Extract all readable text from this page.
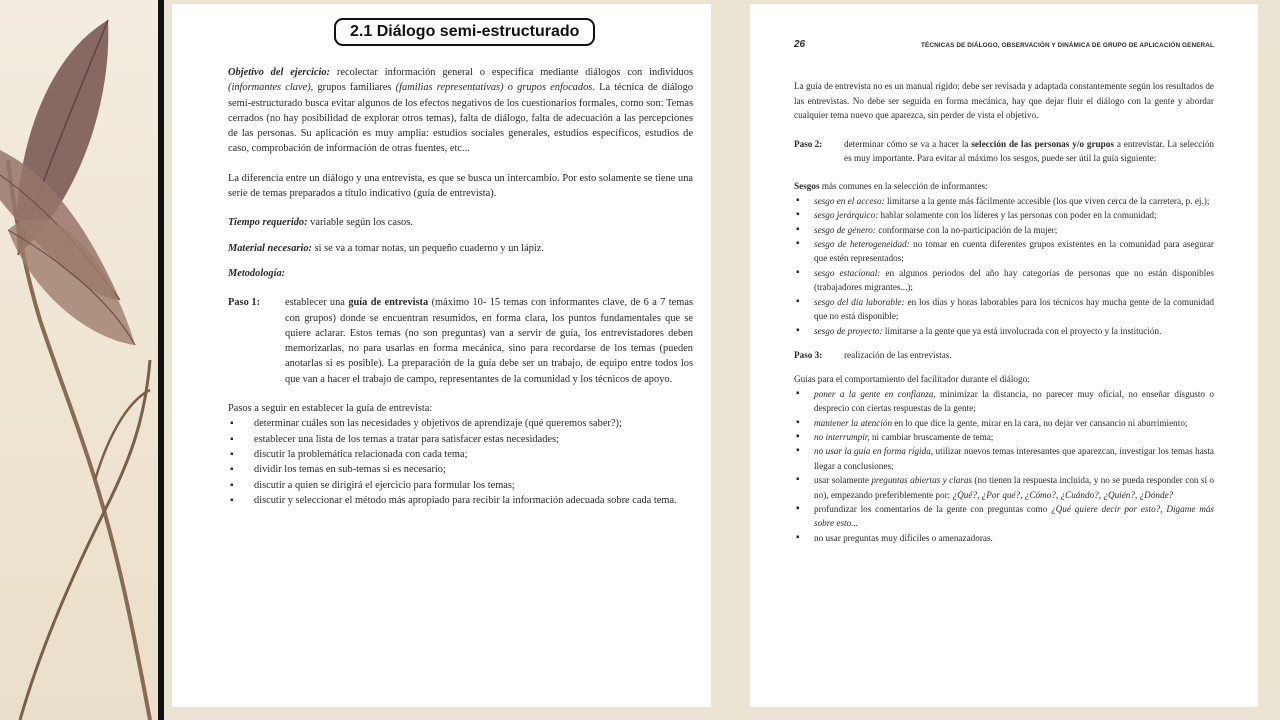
2.1 Diálogo semi-estructurado

Objetivo del ejercicio: recolectar información general o específica mediante diálogos con individuos (informantes clave), grupos familiares (familias representativas) o grupos enfocados. La técnica de diálogo semi-estructurado busca evitar algunos de los efectos negativos de los cuestionarios formales, como son: Temas cerrados (no hay posibilidad de explorar otros temas), falta de diálogo, falta de adecuación a las percepciones de las personas. Su aplicación es muy amplia: estudios sociales generales, estudios específicos, estudios de caso, comprobación de información de otras fuentes, etc...

La diferencia entre un diálogo y una entrevista, es que se busca un intercambio. Por esto solamente se tiene una serie de temas preparados a título indicativo (guía de entrevista).

Tiempo requerido: variable según los casos.

Material necesario: si se va a tomar notas, un pequeño cuaderno y un lápiz.

Metodología:

Paso 1:	establecer una guía de entrevista (máximo 10- 15 temas con informantes clave, de 6 a 7 temas con grupos) donde se encuentran resumidos, en forma clara, los puntos fundamentales que se quiere aclarar. Estos temas (no son preguntas) van a servir de guía, los entrevistadores deben memorizarlas, no para usarlas en forma mecánica, sino para recordarse de los temas (pueden anotarlas si es posible). La preparación de la guía debe ser un trabajo, de equipo entre todos los que van a hacer el trabajo de campo, representantes de la comunidad y los técnicos de apoyo.

Pasos a seguir en establecer la guía de entrevista:

▪ determinar cuáles son las necesidades y objetivos de aprendizaje (qué queremos saber?);
▪ establecer una lista de los temas a tratar para satisfacer estas necesidades;
▪ discutir la problemática relacionada con cada tema;
▪ dividir los temas en sub-temas si es necesario;
▪ discutir a quien se dirigirá el ejercicio para formular los temas;
▪ discutir y seleccionar el método más apropiado para recibir la información adecuada sobre cada tema.
26	TÉCNICAS DE DIÁLOGO, OBSERVACIÓN Y DINÁMICA DE GRUPO DE APLICACIÓN GENERAL

La guía de entrevista no es un manual rígido: debe ser revisada y adaptada constantemente según los resultados de las entrevistas. No debe ser seguida en forma mecánica, hay que dejar fluir el diálogo con la gente y abordar cualquier tema nuevo que aparezca, sin perder de vista el objetivo.

Paso 2:	determinar cómo se va a hacer la selección de las personas y/o grupos a entrevistar. La selección es muy importante. Para evitar al máximo los sesgos, puede ser útil la guía siguiente:

Sesgos más comunes en la selección de informantes:

▪ sesgo en el acceso: limitarse a la gente más fácilmente accesible (los que viven cerca de la carretera, p. ej.);
▪ sesgo jerárquico: hablar solamente con los líderes y las personas con poder en la comunidad;
▪ sesgo de género: conformarse con la no-participación de la mujer;
▪ sesgo de heterogeneidad: no tomar en cuenta diferentes grupos existentes en la comunidad para asegurar que estén representados;
▪ sesgo estacional: en algunos periodos del año hay categorías de personas que no están disponibles (trabajadores migrantes...);
▪ sesgo del día laborable: en los días y horas laborables para los técnicos hay mucha gente de la comunidad que no está disponible;
▪ sesgo de proyecto: limitarse a la gente que ya está involucrada con el proyecto y la institución.
Paso 3:	realización de las entrevistas.

Guías para el comportamiento del facilitador durante el diálogo:

▪ poner a la gente en confianza, minimizar la distancia, no parecer muy oficial, no enseñar disgusto o desprecio con ciertas respuestas de la gente;
▪ mantener la atención en lo que dice la gente, mirar en la cara, no dejar ver cansancio ni aburrimiento;
▪ no interrumpir, ni cambiar bruscamente de tema;
▪ no usar la guía en forma rígida, utilizar nuevos temas interesantes que aparezcan, investigar los temas hasta llegar a conclusiones;
▪ usar solamente preguntas abiertas y claras (no tienen la respuesta incluida, y no se pueda responder con sí o no), empezando preferiblemente por: ¿Qué?, ¿Por qué?, ¿Cómo?, ¿Cuándo?, ¿Quién?, ¿Dónde?
▪ profundizar los comentarios de la gente con preguntas como ¿Qué quiere decir por esto?, Dígame más sobre esto...
▪ no usar preguntas muy difíciles o amenazadoras.
